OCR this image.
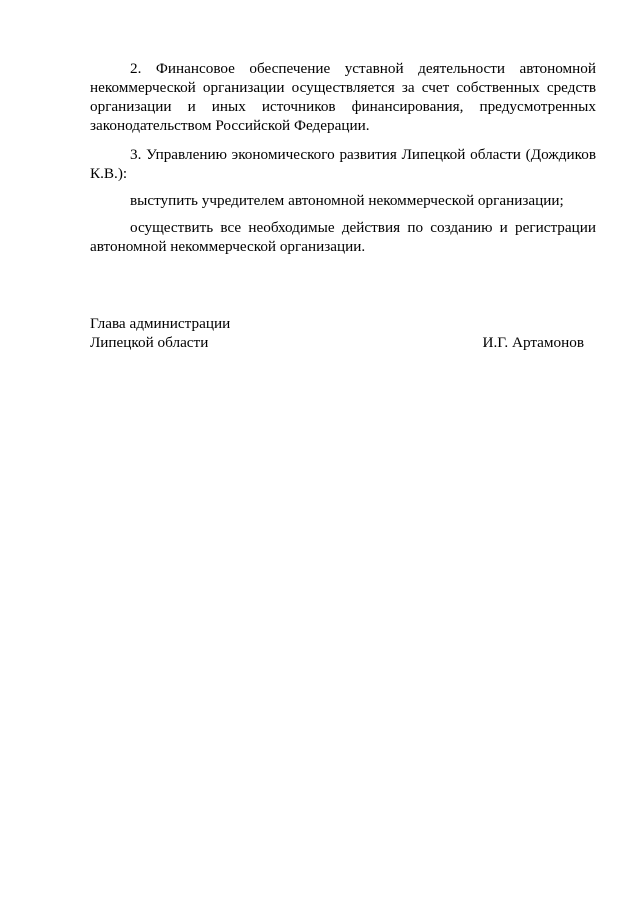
2. Финансовое обеспечение уставной деятельности автономной некоммерческой организации осуществляется за счет собственных средств организации и иных источников финансирования, предусмотренных законодательством Российской Федерации.

3. Управлению экономического развития Липецкой области (Дождиков К.В.):

выступить учредителем автономной некоммерческой организации;

осуществить все необходимые действия по созданию и регистрации автономной некоммерческой организации.

Глава администрации
Липецкой области	И.Г. Артамонов
